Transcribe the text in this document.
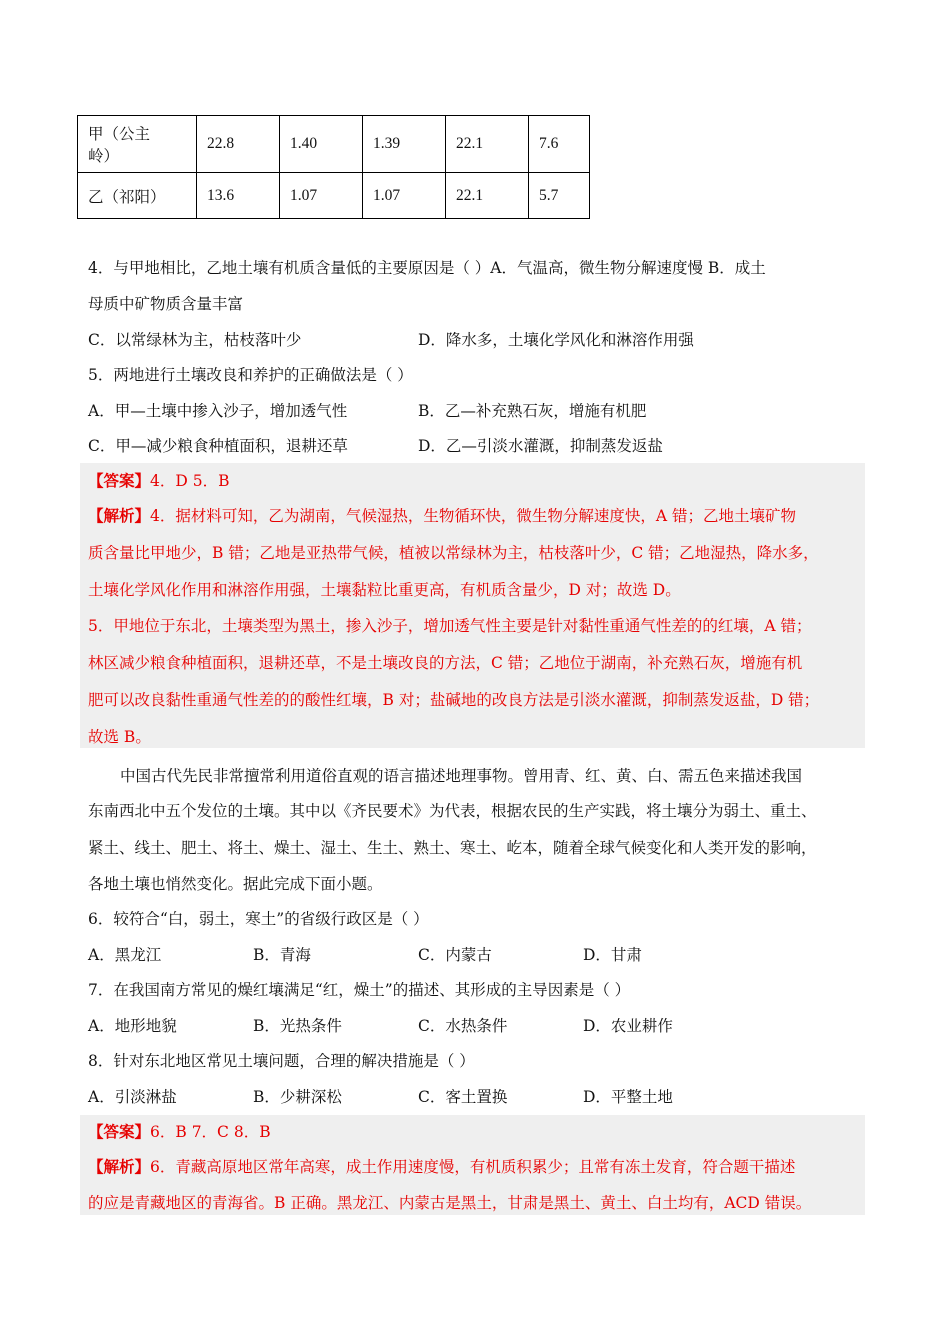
甲（公主
岭）	22.8	1.40	1.39	22.1	7.6
乙（祁阳）	13.6	1.07	1.07	22.1	5.7
4．与甲地相比，乙地土壤有机质含量低的主要原因是（ ）A．气温高，微生物分解速度慢 B．成土
母质中矿物质含量丰富
C．以常绿林为主，枯枝落叶少	D．降水多，土壤化学风化和淋溶作用强
5．两地进行土壤改良和养护的正确做法是（ ）
A．甲—土壤中掺入沙子，增加透气性	B．乙—补充熟石灰，增施有机肥
C．甲—减少粮食种植面积，退耕还草	D．乙—引淡水灌溉，抑制蒸发返盐
【答案】4．D 5．B
【解析】4．据材料可知，乙为湖南，气候湿热，生物循环快，微生物分解速度快，A 错；乙地土壤矿物
质含量比甲地少，B 错；乙地是亚热带气候，植被以常绿林为主，枯枝落叶少，C 错；乙地湿热，降水多，
土壤化学风化作用和淋溶作用强，土壤黏粒比重更高，有机质含量少，D 对；故选 D。
5．甲地位于东北，土壤类型为黑土，掺入沙子，增加透气性主要是针对黏性重通气性差的的红壤，A 错；
林区减少粮食种植面积，退耕还草，不是土壤改良的方法，C 错；乙地位于湖南，补充熟石灰，增施有机
肥可以改良黏性重通气性差的的酸性红壤，B 对；盐碱地的改良方法是引淡水灌溉，抑制蒸发返盐，D 错；
故选 B。
中国古代先民非常擅常利用道俗直观的语言描述地理事物。曾用青、红、黄、白、需五色来描述我国
东南西北中五个发位的土壤。其中以《齐民要术》为代表，根据农民的生产实践，将土壤分为弱土、重土、
紧土、线土、肥土、将土、燥土、湿土、生土、熟土、寒土、屹本，随着全球气候变化和人类开发的影响，
各地土壤也悄然变化。据此完成下面小题。
6．较符合“白，弱土，寒土”的省级行政区是（ ）
A．黑龙江	B．青海	C．内蒙古	D．甘肃
7．在我国南方常见的燥红壤满足“红，燥土”的描述、其形成的主导因素是（ ）
A．地形地貌	B．光热条件	C．水热条件	D．农业耕作
8．针对东北地区常见土壤问题，合理的解决措施是（ ）
A．引淡淋盐	B．少耕深松	C．客土置换	D．平整土地
【答案】6．B 7．C 8．B
【解析】6．青藏高原地区常年高寒，成土作用速度慢，有机质积累少；且常有冻土发育，符合题干描述
的应是青藏地区的青海省。B 正确。黑龙江、内蒙古是黑土，甘肃是黑土、黄土、白土均有，ACD 错误。
